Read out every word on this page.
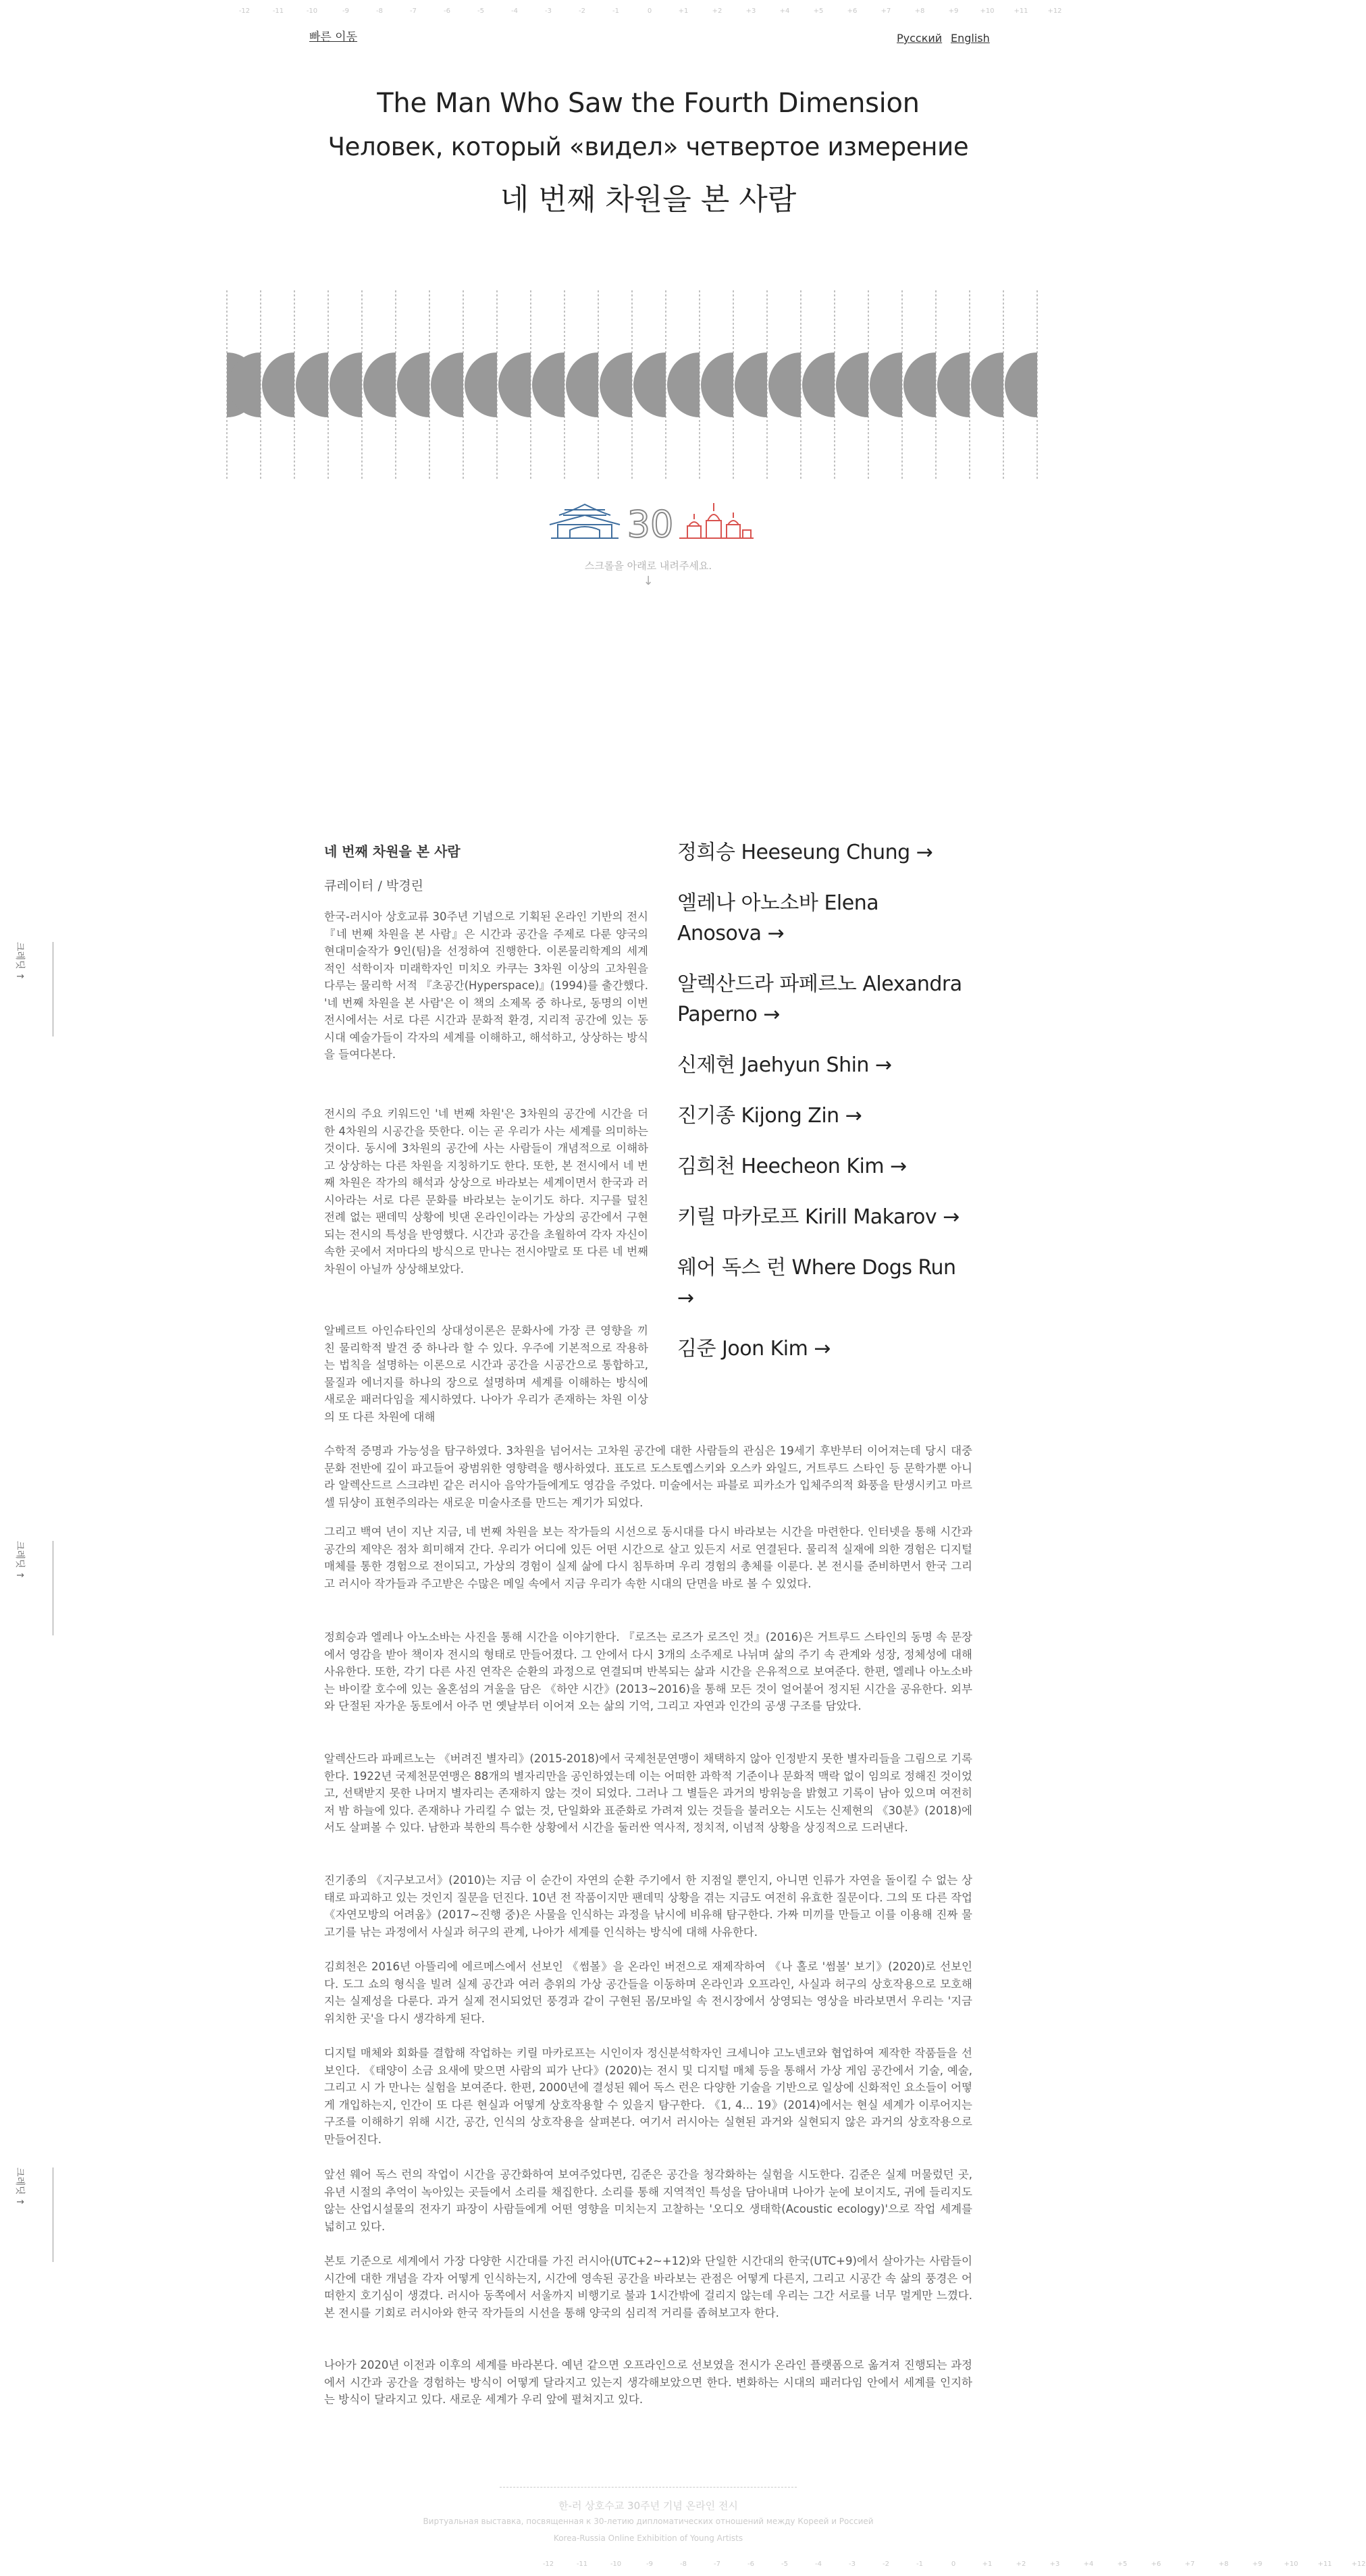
-12	-11	-10	-9	-8	-7	-6	-5	-4	-3	-2	-1	0	+1	+2	+3	+4	+5	+6	+7	+8	+9	+10	+11	+12
빠른 이동	Русский English
The Man Who Saw the Fourth Dimension
Человек, который «видел» четвертое измерение
네 번째 차원을 본 사람
30
스크롤을 아래로 내려주세요.
↓
크레딧 ↑
크레딧 ↑
크레딧 ↑
네 번째 차원을 본 사람
큐레이터 / 박경린

한국-러시아 상호교류 30주년 기념으로 기획된 온라인 기반의 전시 『네 번째 차원을 본 사람』은 시간과 공간을 주제로 다룬 양국의 현대미술작가 9인(팀)을 선정하여 진행한다. 이론물리학계의 세계적인 석학이자 미래학자인 미치오 카쿠는 3차원 이상의 고차원을 다루는 물리학 서적 『초공간(Hyperspace)』(1994)를 출간했다. '네 번째 차원을 본 사람'은 이 책의 소제목 중 하나로, 동명의 이번 전시에서는 서로 다른 시간과 문화적 환경, 지리적 공간에 있는 동시대 예술가들이 각자의 세계를 이해하고, 해석하고, 상상하는 방식을 들여다본다.

전시의 주요 키워드인 '네 번째 차원'은 3차원의 공간에 시간을 더한 4차원의 시공간을 뜻한다. 이는 곧 우리가 사는 세계를 의미하는 것이다. 동시에 3차원의 공간에 사는 사람들이 개념적으로 이해하고 상상하는 다른 차원을 지칭하기도 한다. 또한, 본 전시에서 네 번째 차원은 작가의 해석과 상상으로 바라보는 세계이면서 한국과 러시아라는 서로 다른 문화를 바라보는 눈이기도 하다. 지구를 덮친 전례 없는 팬데믹 상황에 빗댄 온라인이라는 가상의 공간에서 구현되는 전시의 특성을 반영했다. 시간과 공간을 초월하여 각자 자신이 속한 곳에서 저마다의 방식으로 만나는 전시야말로 또 다른 네 번째 차원이 아닐까 상상해보았다.

알베르트 아인슈타인의 상대성이론은 문화사에 가장 큰 영향을 끼친 물리학적 발견 중 하나라 할 수 있다. 우주에 기본적으로 작용하는 법칙을 설명하는 이론으로 시간과 공간을 시공간으로 통합하고, 물질과 에너지를 하나의 장으로 설명하며 세계를 이해하는 방식에 새로운 패러다임을 제시하였다. 나아가 우리가 존재하는 차원 이상의 또 다른 차원에 대해

수학적 증명과 가능성을 탐구하였다. 3차원을 넘어서는 고차원 공간에 대한 사람들의 관심은 19세기 후반부터 이어져는데 당시 대중문화 전반에 깊이 파고들어 광범위한 영향력을 행사하였다. 표도르 도스토옙스키와 오스카 와일드, 거트루드 스타인 등 문학가뿐 아니라 알렉산드르 스크랴빈 같은 러시아 음악가들에게도 영감을 주었다. 미술에서는 파블로 피카소가 입체주의적 화풍을 탄생시키고 마르셀 뒤샹이 표현주의라는 새로운 미술사조를 만드는 계기가 되었다.

그리고 백여 년이 지난 지금, 네 번째 차원을 보는 작가들의 시선으로 동시대를 다시 바라보는 시간을 마련한다. 인터넷을 통해 시간과 공간의 제약은 점차 희미해져 간다. 우리가 어디에 있든 어떤 시간으로 살고 있든지 서로 연결된다. 물리적 실재에 의한 경험은 디지털 매체를 통한 경험으로 전이되고, 가상의 경험이 실제 삶에 다시 침투하며 우리 경험의 총체를 이룬다. 본 전시를 준비하면서 한국 그리고 러시아 작가들과 주고받은 수많은 메일 속에서 지금 우리가 속한 시대의 단면을 바로 볼 수 있었다.

정희승과 엘레나 아노소바는 사진을 통해 시간을 이야기한다. 『로즈는 로즈가 로즈인 것』(2016)은 거트루드 스타인의 동명 속 문장에서 영감을 받아 책이자 전시의 형태로 만들어졌다. 그 안에서 다시 3개의 소주제로 나뉘며 삶의 주기 속 관계와 성장, 정체성에 대해 사유한다. 또한, 각기 다른 사진 연작은 순환의 과정으로 연결되며 반복되는 삶과 시간을 은유적으로 보여준다. 한편, 엘레나 아노소바는 바이칼 호수에 있는 올혼섬의 겨울을 담은 《하얀 시간》(2013~2016)을 통해 모든 것이 얼어붙어 정지된 시간을 공유한다. 외부와 단절된 자가운 동토에서 아주 먼 옛날부터 이어져 오는 삶의 기억, 그리고 자연과 인간의 공생 구조를 담았다.

알렉산드라 파페르노는 《버려진 별자리》(2015-2018)에서 국제천문연맹이 채택하지 않아 인정받지 못한 별자리들을 그림으로 기록한다. 1922년 국제천문연맹은 88개의 별자리만을 공인하였는데 이는 어떠한 과학적 기준이나 문화적 맥락 없이 임의로 정해진 것이었고, 선택받지 못한 나머지 별자리는 존재하지 않는 것이 되었다. 그러나 그 별들은 과거의 방위능을 밝혔고 기록이 남아 있으며 여전히 저 밤 하늘에 있다. 존재하나 가리킬 수 없는 것, 단일화와 표준화로 가려져 있는 것들을 불러오는 시도는 신제현의 《30분》(2018)에서도 살펴볼 수 있다. 남한과 북한의 특수한 상황에서 시간을 둘러싼 역사적, 정치적, 이념적 상황을 상징적으로 드러낸다.

진기종의 《지구보고서》(2010)는 지금 이 순간이 자연의 순환 주기에서 한 지점일 뿐인지, 아니면 인류가 자연을 돌이킬 수 없는 상태로 파괴하고 있는 것인지 질문을 던진다. 10년 전 작품이지만 팬데믹 상황을 겪는 지금도 여전히 유효한 질문이다. 그의 또 다른 작업 《자연모방의 어려움》(2017~진행 중)은 사물을 인식하는 과정을 낚시에 비유해 탐구한다. 가짜 미끼를 만들고 이를 이용해 진짜 물고기를 낚는 과정에서 사실과 허구의 관계, 나아가 세계를 인식하는 방식에 대해 사유한다.

김희천은 2016년 아뜰리에 에르메스에서 선보인 《썸볼》을 온라인 버전으로 재제작하여 《나 홀로 '썸볼' 보기》(2020)로 선보인다. 도그 쇼의 형식을 빌려 실제 공간과 여러 층위의 가상 공간들을 이동하며 온라인과 오프라인, 사실과 허구의 상호작용으로 모호해지는 실제성을 다룬다. 과거 실제 전시되었던 풍경과 같이 구현된 몸/모바일 속 전시장에서 상영되는 영상을 바라보면서 우리는 '지금 위치한 곳'을 다시 생각하게 된다.

디지털 매체와 회화를 결합해 작업하는 키릴 마카로프는 시인이자 정신분석학자인 크세니야 고노넨코와 협업하여 제작한 작품들을 선보인다. 《태양이 소금 요새에 맞으면 사람의 피가 난다》(2020)는 전시 및 디지털 매체 등을 통해서 가상 게임 공간에서 기술, 예술, 그리고 시 가 만나는 실험을 보여준다. 한편, 2000년에 결성된 웨어 독스 런은 다양한 기술을 기반으로 일상에 신화적인 요소들이 어떻게 개입하는지, 인간이 또 다른 현실과 어떻게 상호작용할 수 있을지 탐구한다. 《1, 4... 19》(2014)에서는 현실 세계가 이루어지는 구조를 이해하기 위해 시간, 공간, 인식의 상호작용을 살펴본다. 여기서 러시아는 실현된 과거와 실현되지 않은 과거의 상호작용으로 만들어진다.

앞선 웨어 독스 런의 작업이 시간을 공간화하여 보여주었다면, 김준은 공간을 청각화하는 실험을 시도한다. 김준은 실제 머물렀던 곳, 유년 시절의 추억이 녹아있는 곳들에서 소리를 채집한다. 소리를 통해 지역적인 특성을 담아내며 나아가 눈에 보이지도, 귀에 들리지도 않는 산업시설물의 전자기 파장이 사람들에게 어떤 영향을 미치는지 고찰하는 '오디오 생태학(Acoustic ecology)'으로 작업 세계를 넓히고 있다.

본토 기준으로 세계에서 가장 다양한 시간대를 가진 러시아(UTC+2~+12)와 단일한 시간대의 한국(UTC+9)에서 살아가는 사람들이 시간에 대한 개념을 각자 어떻게 인식하는지, 시간에 영속된 공간을 바라보는 관점은 어떻게 다른지, 그리고 시공간 속 삶의 풍경은 어떠한지 호기심이 생겼다. 러시아 동쪽에서 서울까지 비행기로 불과 1시간밖에 걸리지 않는데 우리는 그간 서로를 너무 멀게만 느꼈다. 본 전시를 기회로 러시아와 한국 작가들의 시선을 통해 양국의 심리적 거리를 좁혀보고자 한다.

나아가 2020년 이전과 이후의 세계를 바라본다. 예년 같으면 오프라인으로 선보였을 전시가 온라인 플랫폼으로 옮겨져 진행되는 과정에서 시간과 공간을 경험하는 방식이 어떻게 달라지고 있는지 생각해보았으면 한다. 변화하는 시대의 패러다임 안에서 세계를 인지하는 방식이 달라지고 있다. 새로운 세계가 우리 앞에 펼쳐지고 있다.

정희승 Heeseung Chung →
엘레나 아노소바 Elena Anosova →
알렉산드라 파페르노 Alexandra Paperno →
신제현 Jaehyun Shin →
진기종 Kijong Zin →
김희천 Heecheon Kim →
키릴 마카로프 Kirill Makarov →
웨어 독스 런 Where Dogs Run →
김준 Joon Kim →
한-러 상호수교 30주년 기념 온라인 전시
Виртуальная выставка, посвященная к 30-летию дипломатических отношений между Кореей и Россией
Korea-Russia Online Exhibition of Young Artists
-12	-11	-10	-9	-8	-7	-6	-5	-4	-3	-2	-1	0	+1	+2	+3	+4	+5	+6	+7	+8	+9	+10	+11	+12
